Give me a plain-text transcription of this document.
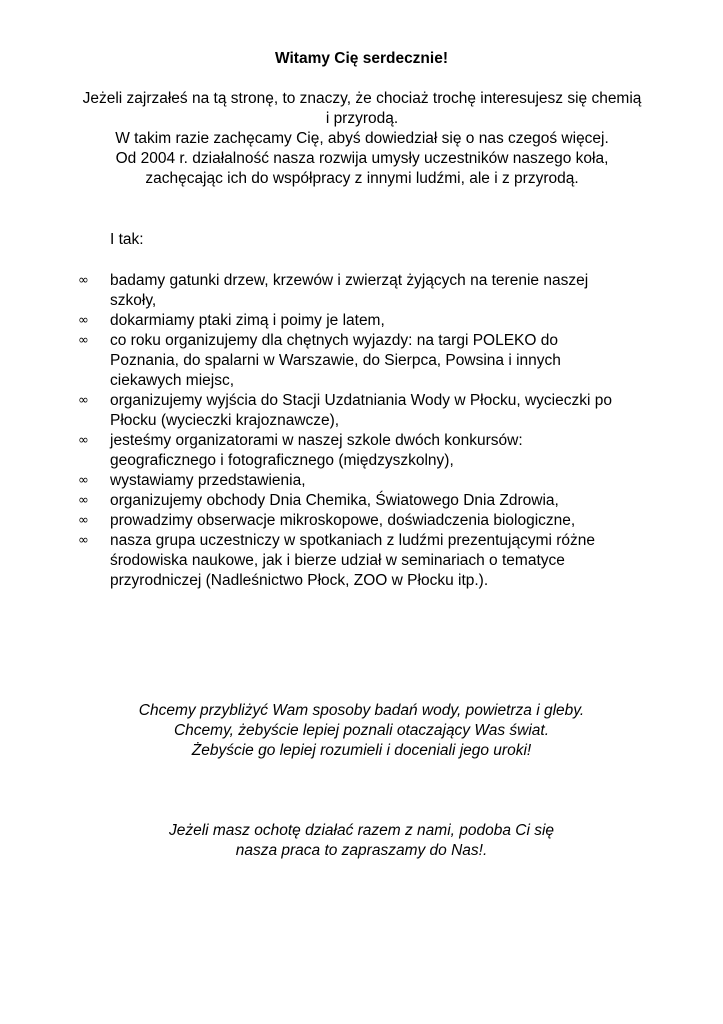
Witamy Cię serdecznie!
Jeżeli zajrzałeś na tą stronę, to znaczy, że chociaż trochę interesujesz się chemią
i przyrodą.
W takim razie zachęcamy Cię, abyś dowiedział się o nas czegoś więcej.
Od 2004 r. działalność nasza rozwija umysły uczestników naszego koła,
zachęcając ich do współpracy z innymi ludźmi, ale i z przyrodą.
I tak:
∞ badamy gatunki drzew, krzewów i zwierząt żyjących na terenie naszej
szkoły,
∞ dokarmiamy ptaki zimą i poimy je latem,
∞ co roku organizujemy dla chętnych wyjazdy: na targi POLEKO do
Poznania, do spalarni w Warszawie, do Sierpca, Powsina i innych
ciekawych miejsc,
∞ organizujemy wyjścia do Stacji Uzdatniania Wody w Płocku, wycieczki po
Płocku (wycieczki krajoznawcze),
∞ jesteśmy organizatorami w naszej szkole dwóch konkursów:
geograficznego i fotograficznego (międzyszkolny),
∞ wystawiamy przedstawienia,
∞ organizujemy obchody Dnia Chemika, Światowego Dnia Zdrowia,
∞ prowadzimy obserwacje mikroskopowe, doświadczenia biologiczne,
∞ nasza grupa uczestniczy w spotkaniach z ludźmi prezentującymi różne
środowiska naukowe, jak i bierze udział w seminariach o tematyce
przyrodniczej (Nadleśnictwo Płock, ZOO w Płocku itp.).
Chcemy przybliżyć Wam sposoby badań wody, powietrza i gleby.
Chcemy, żebyście lepiej poznali otaczający Was świat.
Żebyście go lepiej rozumieli i doceniali jego uroki!
Jeżeli masz ochotę działać razem z nami, podoba Ci się
nasza praca to zapraszamy do Nas!.
